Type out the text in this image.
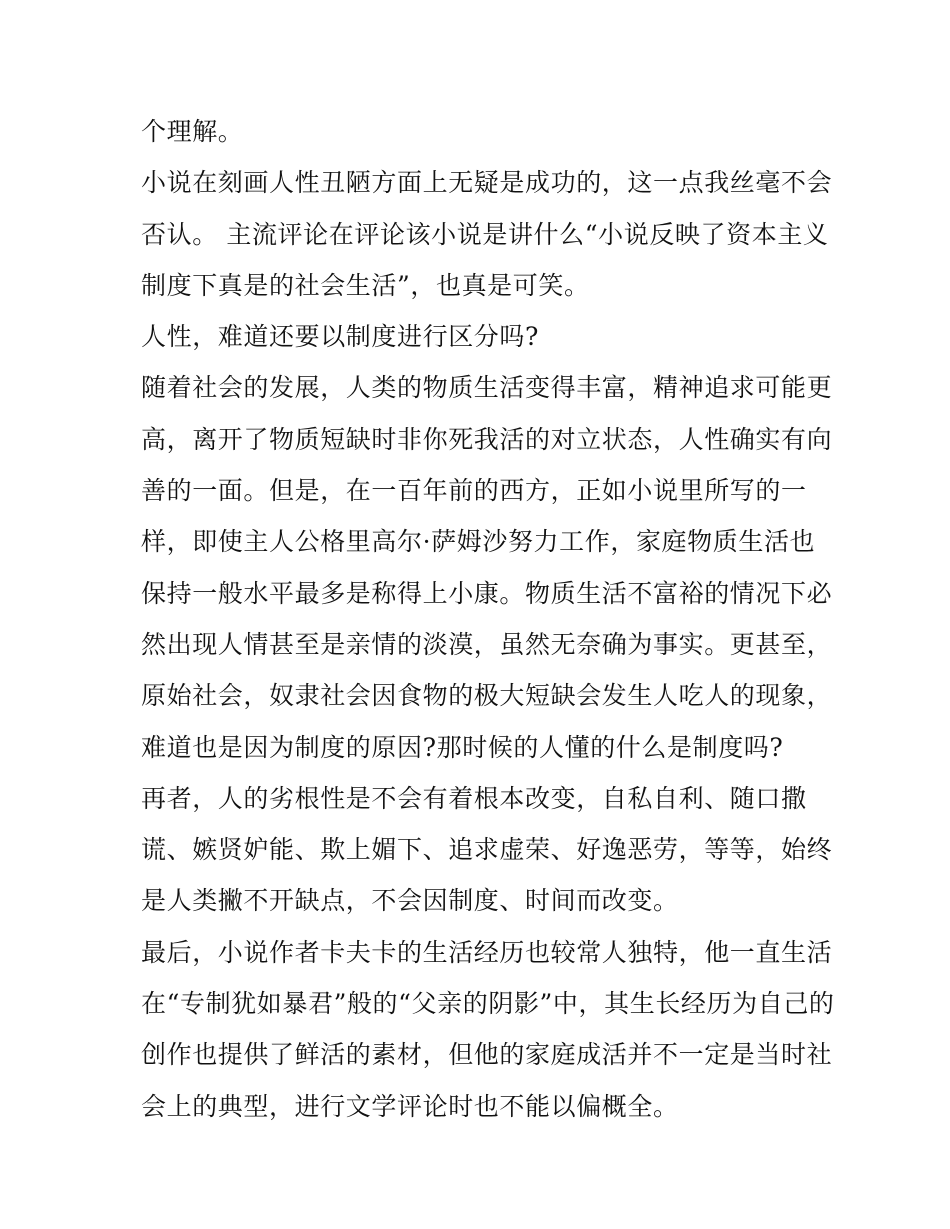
个理解。
小说在刻画人性丑陋方面上无疑是成功的，这一点我丝毫不会
否认。 主流评论在评论该小说是讲什么“小说反映了资本主义
制度下真是的社会生活”，也真是可笑。
人性，难道还要以制度进行区分吗?
随着社会的发展，人类的物质生活变得丰富，精神追求可能更
高，离开了物质短缺时非你死我活的对立状态，人性确实有向
善的一面。但是，在一百年前的西方，正如小说里所写的一
样，即使主人公格里高尔·萨姆沙努力工作，家庭物质生活也
保持一般水平最多是称得上小康。物质生活不富裕的情况下必
然出现人情甚至是亲情的淡漠，虽然无奈确为事实。更甚至，
原始社会，奴隶社会因食物的极大短缺会发生人吃人的现象，
难道也是因为制度的原因?那时候的人懂的什么是制度吗?
再者，人的劣根性是不会有着根本改变，自私自利、随口撒
谎、嫉贤妒能、欺上媚下、追求虚荣、好逸恶劳，等等，始终
是人类撇不开缺点，不会因制度、时间而改变。
最后，小说作者卡夫卡的生活经历也较常人独特，他一直生活
在“专制犹如暴君”般的“父亲的阴影”中，其生长经历为自己的
创作也提供了鲜活的素材，但他的家庭成活并不一定是当时社
会上的典型，进行文学评论时也不能以偏概全。
